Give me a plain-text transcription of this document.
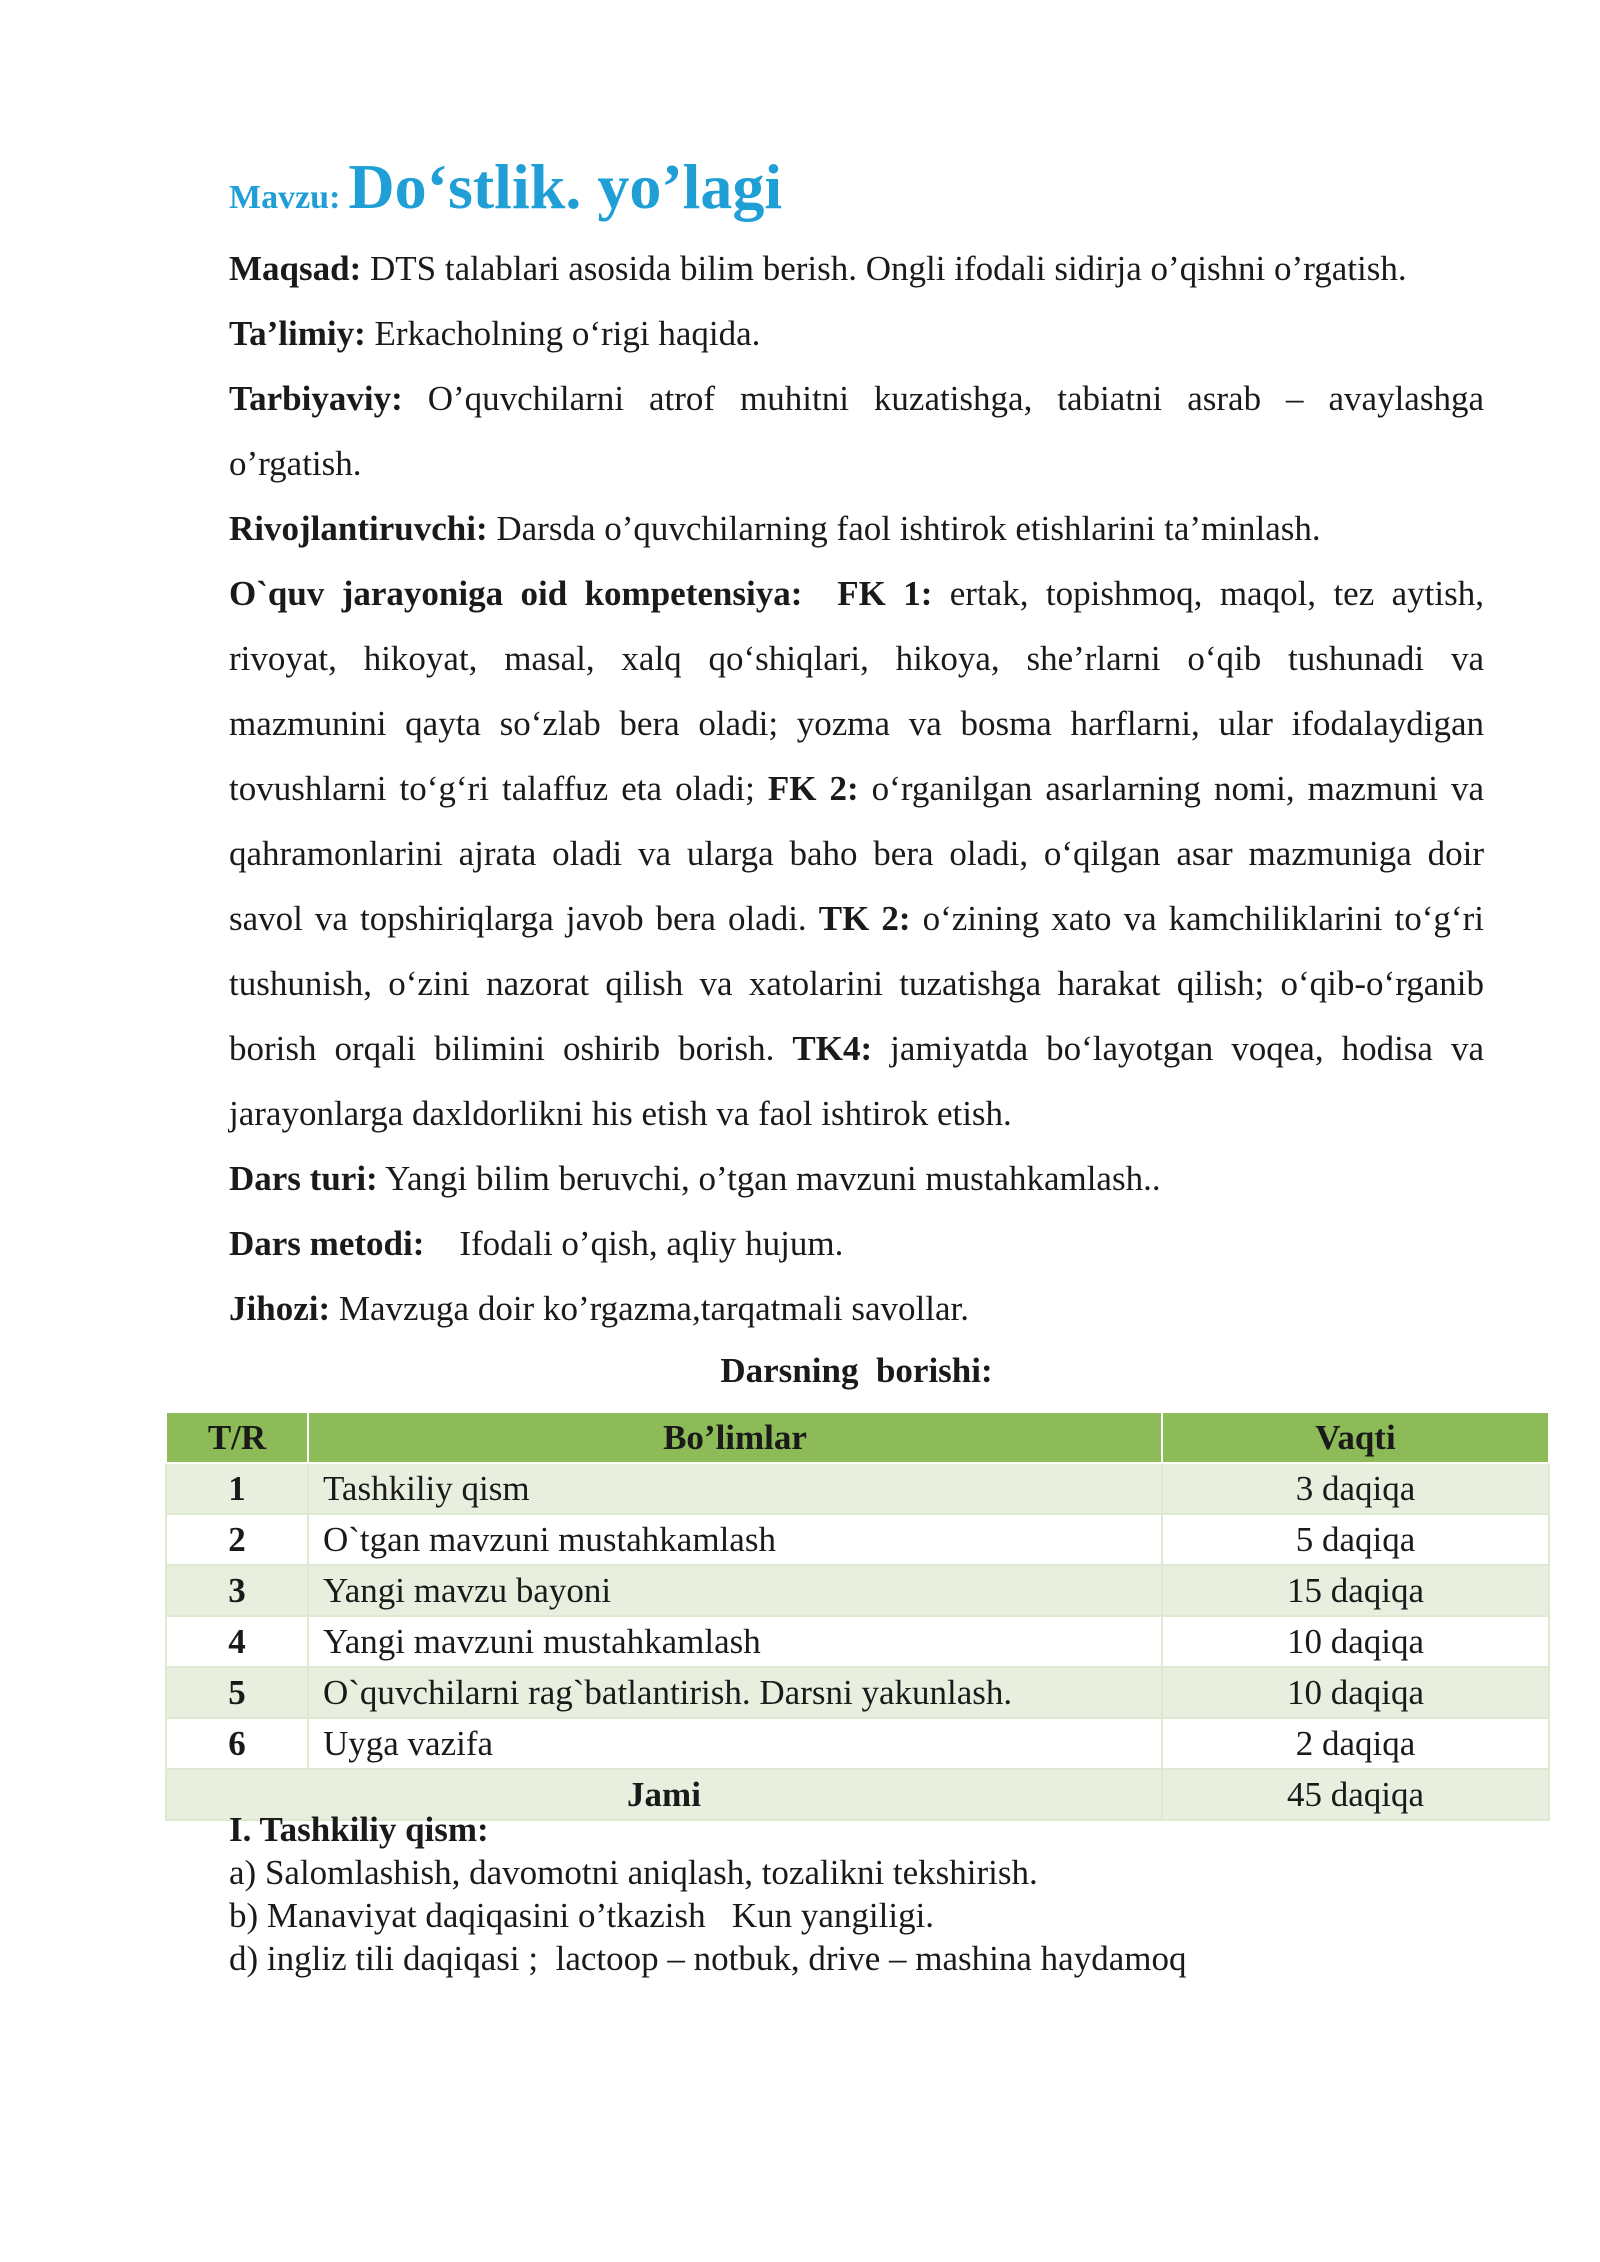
Mavzu: Do‘stlik. yo’lagi

Maqsad: DTS talablari asosida bilim berish. Ongli ifodali sidirja o’qishni o’rgatish.

Ta’limiy: Erkacholning o‘rigi haqida.

Tarbiyaviy: O’quvchilarni atrof muhitni kuzatishga, tabiatni asrab – avaylashga o’rgatish.

Rivojlantiruvchi: Darsda o’quvchilarning faol ishtirok etishlarini ta’minlash.

O`quv jarayoniga oid kompetensiya: FK 1: ertak, topishmoq, maqol, tez aytish, rivoyat, hikoyat, masal, xalq qo‘shiqlari, hikoya, she’rlarni o‘qib tushunadi va mazmunini qayta so‘zlab bera oladi; yozma va bosma harflarni, ular ifodalaydigan tovushlarni to‘g‘ri talaffuz eta oladi; FK 2: o‘rganilgan asarlarning nomi, mazmuni va qahramonlarini ajrata oladi va ularga baho bera oladi, o‘qilgan asar mazmuniga doir savol va topshiriqlarga javob bera oladi. TK 2: o‘zining xato va kamchiliklarini to‘g‘ri tushunish, o‘zini nazorat qilish va xatolarini tuzatishga harakat qilish; o‘qib-o‘rganib borish orqali bilimini oshirib borish. TK4: jamiyatda bo‘layotgan voqea, hodisa va jarayonlarga daxldorlikni his etish va faol ishtirok etish.

Dars turi: Yangi bilim beruvchi, o’tgan mavzuni mustahkamlash..

Dars metodi:    Ifodali o’qish, aqliy hujum.

Jihozi: Mavzuga doir ko’rgazma,tarqatmali savollar.

Darsning  borishi:
T/R	Bo’limlar	Vaqti
1	Tashkiliy qism	3 daqiqa
2	O`tgan mavzuni mustahkamlash	5 daqiqa
3	Yangi mavzu bayoni	15 daqiqa
4	Yangi mavzuni mustahkamlash	10 daqiqa
5	O`quvchilarni rag`batlantirish. Darsni yakunlash.	10 daqiqa
6	Uyga vazifa	2 daqiqa
Jami		45 daqiqa
I. Tashkiliy qism:
a) Salomlashish, davomotni aniqlash, tozalikni tekshirish.
b) Manaviyat daqiqasini o’tkazish   Kun yangiligi.
d) ingliz tili daqiqasi ;  lactoop – notbuk, drive – mashina haydamoq
